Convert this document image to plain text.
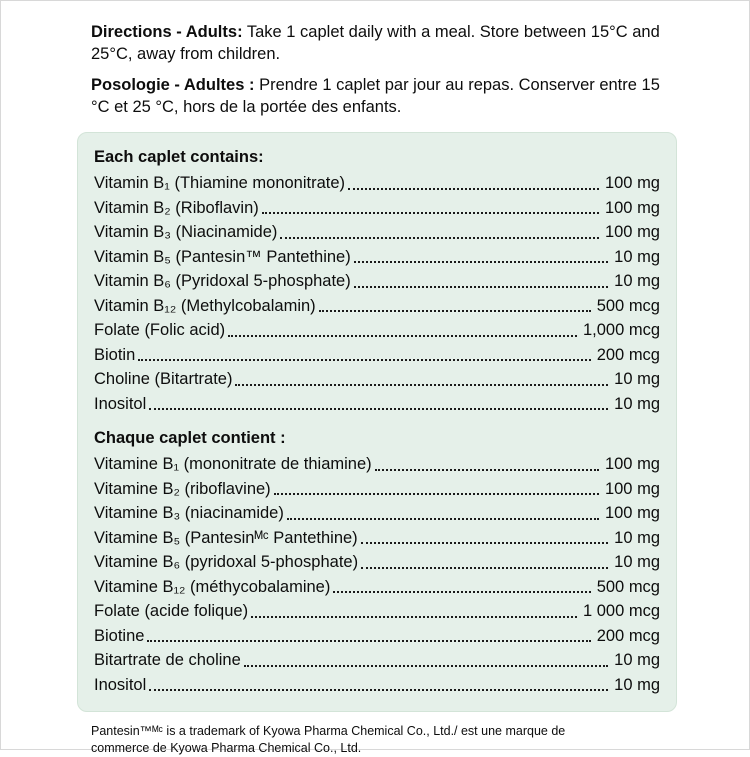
Directions - Adults: Take 1 caplet daily with a meal. Store between 15°C and 25°C, away from children.

Posologie - Adultes : Prendre 1 caplet par jour au repas. Conserver entre 15 °C et 25 °C, hors de la portée des enfants.

Each caplet contains:
Vitamin B₁ (Thiamine mononitrate)	100 mg
Vitamin B₂ (Riboflavin)	100 mg
Vitamin B₃ (Niacinamide)	100 mg
Vitamin B₅ (Pantesin™ Pantethine)	10 mg
Vitamin B₆ (Pyridoxal 5-phosphate)	10 mg
Vitamin B₁₂ (Methylcobalamin)	500 mcg
Folate (Folic acid)	1,000 mcg
Biotin	200 mcg
Choline (Bitartrate)	10 mg
Inositol	10 mg
Chaque caplet contient :
Vitamine B₁ (mononitrate de thiamine)	100 mg
Vitamine B₂ (riboflavine)	100 mg
Vitamine B₃ (niacinamide)	100 mg
Vitamine B₅ (Pantesinᴹᶜ Pantethine)	10 mg
Vitamine B₆ (pyridoxal 5-phosphate)	10 mg
Vitamine B₁₂ (méthycobalamine)	500 mcg
Folate (acide folique)	1 000 mcg
Biotine	200 mcg
Bitartrate de choline	10 mg
Inositol	10 mg

Pantesin™ᴹᶜ is a trademark of Kyowa Pharma Chemical Co., Ltd./ est une marque de commerce de Kyowa Pharma Chemical Co., Ltd.
